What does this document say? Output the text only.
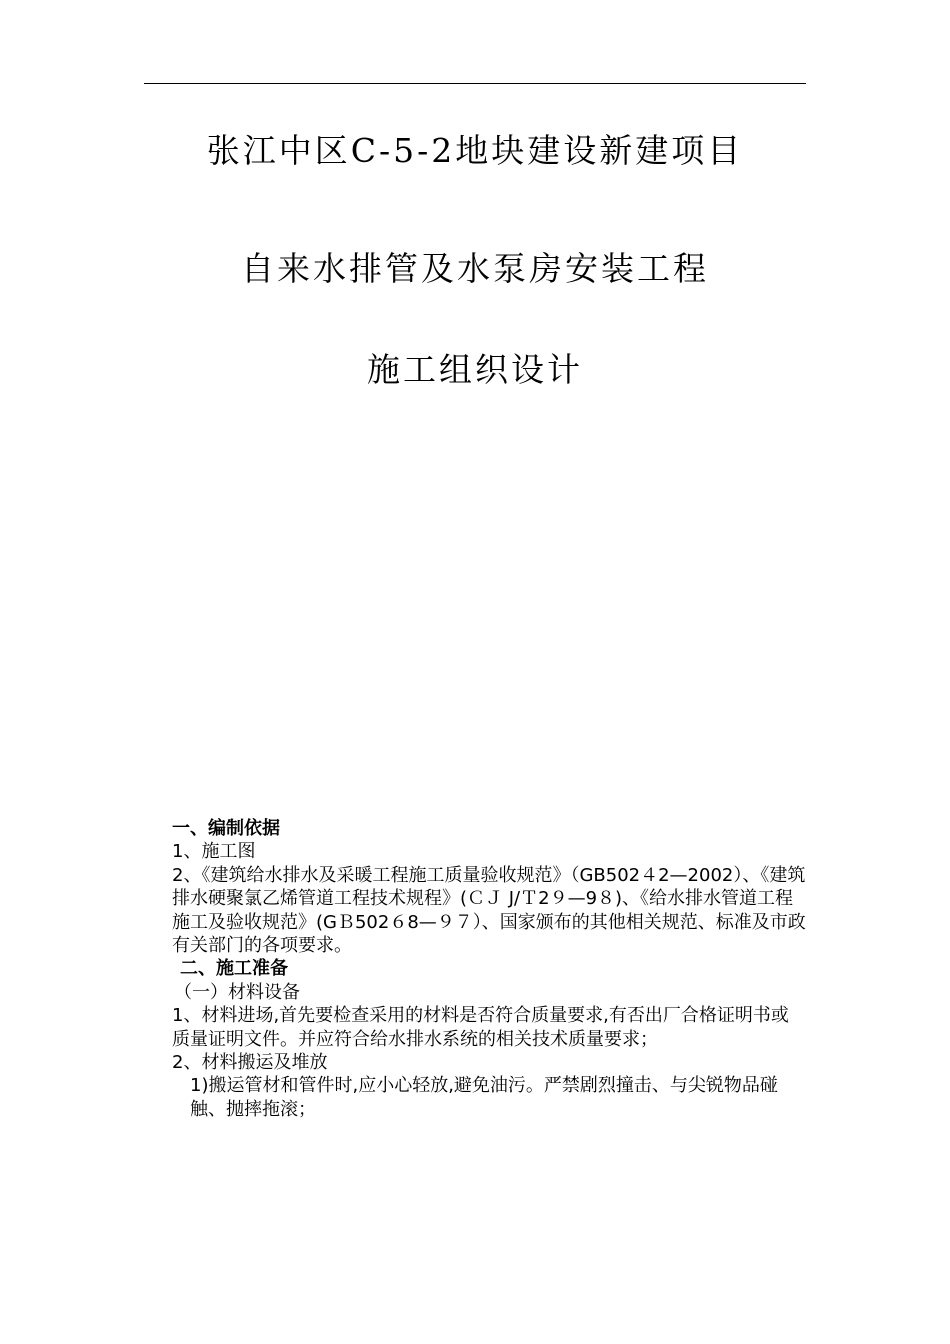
张江中区C-5-2地块建设新建项目
自来水排管及水泵房安装工程
施工组织设计

一、编制依据

1、施工图

2、《建筑给水排水及采暖工程施工质量验收规范》（GB502４2—2002）、《建筑排水硬聚氯乙烯管道工程技术规程》(ＣＪ J/Ｔ2９—9８)、《给水排水管道工程施工及验收规范》(GＢ502６8—９７）、国家颁布的其他相关规范、标准及市政有关部门的各项要求。

二、施工准备

（一）材料设备

1、材料进场,首先要检查采用的材料是否符合质量要求,有否出厂合格证明书或质量证明文件。并应符合给水排水系统的相关技术质量要求；

2、材料搬运及堆放

1)搬运管材和管件时,应小心轻放,避免油污。严禁剧烈撞击、与尖锐物品碰触、抛摔拖滚；
